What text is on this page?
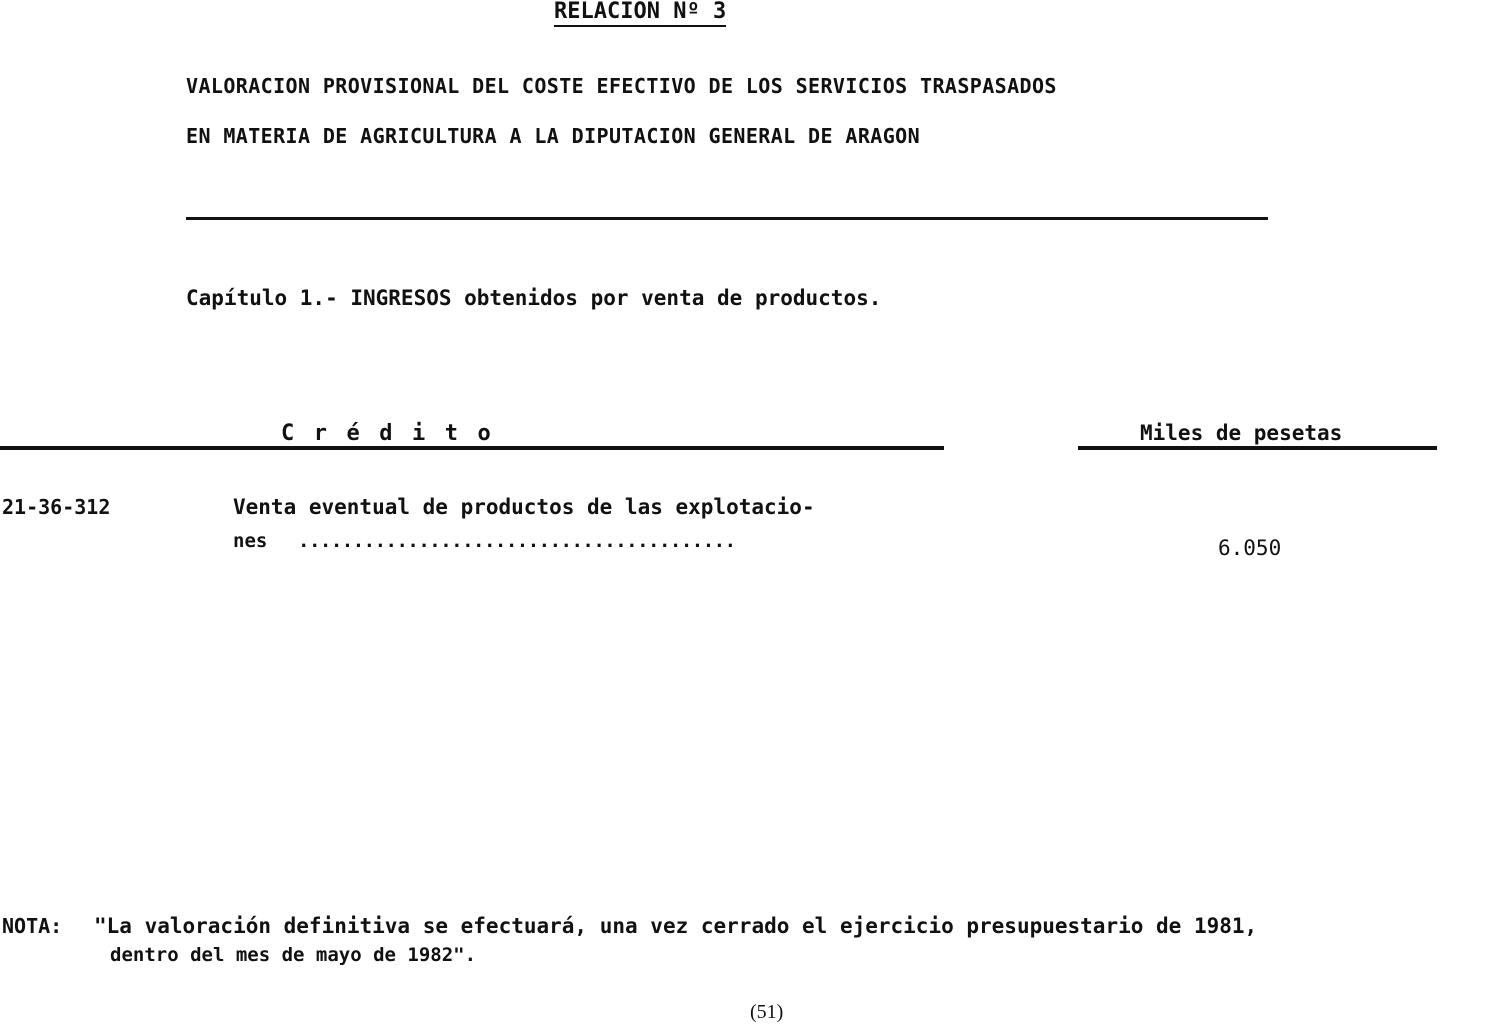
RELACION Nº 3
VALORACION PROVISIONAL DEL COSTE EFECTIVO DE LOS SERVICIOS TRASPASADOS
EN MATERIA DE AGRICULTURA A LA DIPUTACION GENERAL DE ARAGON
Capítulo 1.- INGRESOS obtenidos por venta de productos.
Crédito	Miles de pesetas
21-36-312	Venta eventual de productos de las explotacio-
nes ........................................	6.050
NOTA: "La valoración definitiva se efectuará, una vez cerrado el ejercicio presupuestario de 1981,
dentro del mes de mayo de 1982".
(51)
